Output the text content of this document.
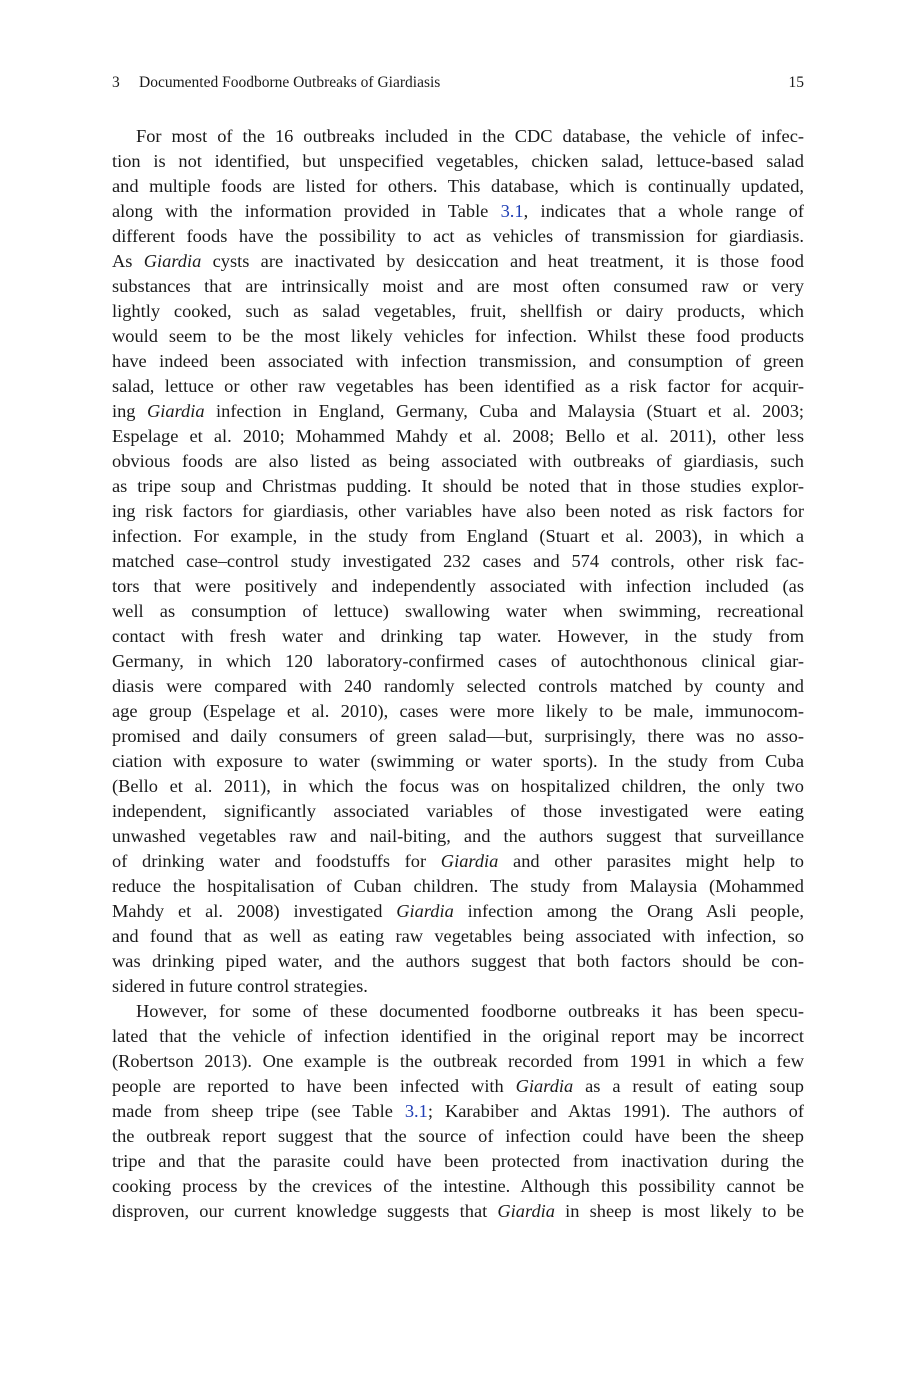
3 Documented Foodborne Outbreaks of Giardiasis	15
For most of the 16 outbreaks included in the CDC database, the vehicle of infec-
tion is not identified, but unspecified vegetables, chicken salad, lettuce-based salad
and multiple foods are listed for others. This database, which is continually updated,
along with the information provided in Table 3.1, indicates that a whole range of
different foods have the possibility to act as vehicles of transmission for giardiasis.
As Giardia cysts are inactivated by desiccation and heat treatment, it is those food
substances that are intrinsically moist and are most often consumed raw or very
lightly cooked, such as salad vegetables, fruit, shellfish or dairy products, which
would seem to be the most likely vehicles for infection. Whilst these food products
have indeed been associated with infection transmission, and consumption of green
salad, lettuce or other raw vegetables has been identified as a risk factor for acquir-
ing Giardia infection in England, Germany, Cuba and Malaysia (Stuart et al. 2003;
Espelage et al. 2010; Mohammed Mahdy et al. 2008; Bello et al. 2011), other less
obvious foods are also listed as being associated with outbreaks of giardiasis, such
as tripe soup and Christmas pudding. It should be noted that in those studies explor-
ing risk factors for giardiasis, other variables have also been noted as risk factors for
infection. For example, in the study from England (Stuart et al. 2003), in which a
matched case–control study investigated 232 cases and 574 controls, other risk fac-
tors that were positively and independently associated with infection included (as
well as consumption of lettuce) swallowing water when swimming, recreational
contact with fresh water and drinking tap water. However, in the study from
Germany, in which 120 laboratory-confirmed cases of autochthonous clinical giar-
diasis were compared with 240 randomly selected controls matched by county and
age group (Espelage et al. 2010), cases were more likely to be male, immunocom-
promised and daily consumers of green salad—but, surprisingly, there was no asso-
ciation with exposure to water (swimming or water sports). In the study from Cuba
(Bello et al. 2011), in which the focus was on hospitalized children, the only two
independent, significantly associated variables of those investigated were eating
unwashed vegetables raw and nail-biting, and the authors suggest that surveillance
of drinking water and foodstuffs for Giardia and other parasites might help to
reduce the hospitalisation of Cuban children. The study from Malaysia (Mohammed
Mahdy et al. 2008) investigated Giardia infection among the Orang Asli people,
and found that as well as eating raw vegetables being associated with infection, so
was drinking piped water, and the authors suggest that both factors should be con-
sidered in future control strategies.
However, for some of these documented foodborne outbreaks it has been specu-
lated that the vehicle of infection identified in the original report may be incorrect
(Robertson 2013). One example is the outbreak recorded from 1991 in which a few
people are reported to have been infected with Giardia as a result of eating soup
made from sheep tripe (see Table 3.1; Karabiber and Aktas 1991). The authors of
the outbreak report suggest that the source of infection could have been the sheep
tripe and that the parasite could have been protected from inactivation during the
cooking process by the crevices of the intestine. Although this possibility cannot be
disproven, our current knowledge suggests that Giardia in sheep is most likely to be
